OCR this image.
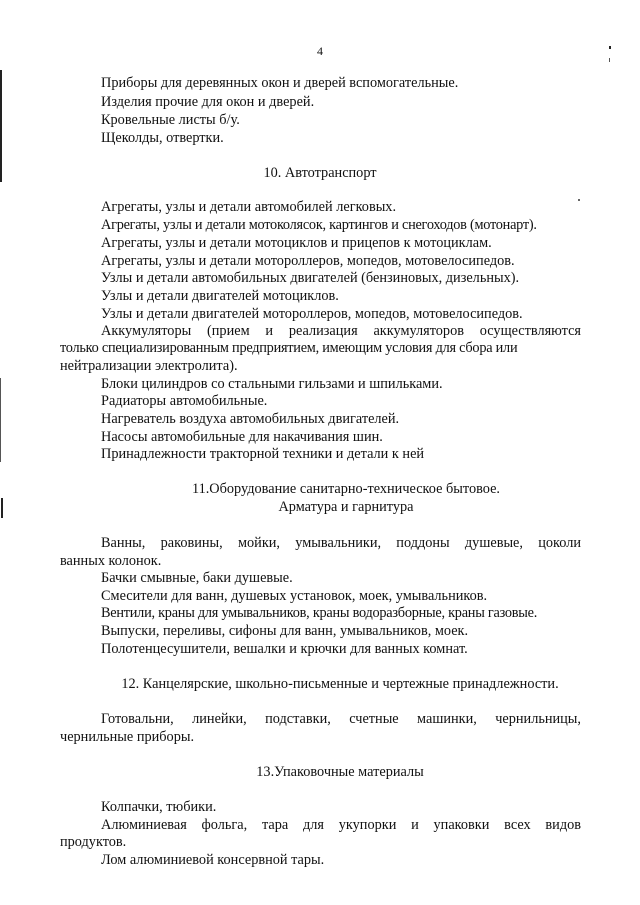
4
Приборы для деревянных окон и дверей вспомогательные.
Изделия прочие для окон и дверей.
Кровельные листы б/у.
Щеколды, отвертки.
10. Автотранспорт
Агрегаты, узлы и детали автомобилей легковых.
Агрегаты, узлы и детали мотоколясок, картингов и снегоходов (мотонарт).
Агрегаты, узлы и детали мотоциклов и прицепов к мотоциклам.
Агрегаты, узлы и детали мотороллеров, мопедов, мотовелосипедов.
Узлы и детали автомобильных двигателей (бензиновых, дизельных).
Узлы и детали двигателей мотоциклов.
Узлы и детали двигателей мотороллеров, мопедов, мотовелосипедов.
Аккумуляторы (прием и реализация аккумуляторов осуществляются
только специализированным предприятием, имеющим условия для сбора или
нейтрализации электролита).
Блоки цилиндров со стальными гильзами и шпильками.
Радиаторы автомобильные.
Нагреватель воздуха автомобильных двигателей.
Насосы автомобильные для накачивания шин.
Принадлежности тракторной техники и детали к ней
11.Оборудование санитарно-техническое бытовое.
Арматура и гарнитура
Ванны, раковины, мойки, умывальники, поддоны душевые, цоколи
ванных колонок.
Бачки смывные, баки душевые.
Смесители для ванн, душевых установок, моек, умывальников.
Вентили, краны для умывальников, краны водоразборные, краны газовые.
Выпуски, переливы, сифоны для ванн, умывальников, моек.
Полотенцесушители, вешалки и крючки для ванных комнат.
12. Канцелярские, школьно-письменные и чертежные принадлежности.
Готовальни, линейки, подставки, счетные машинки, чернильницы,
чернильные приборы.
13.Упаковочные материалы
Колпачки, тюбики.
Алюминиевая фольга, тара для укупорки и упаковки всех видов
продуктов.
Лом алюминиевой консервной тары.
